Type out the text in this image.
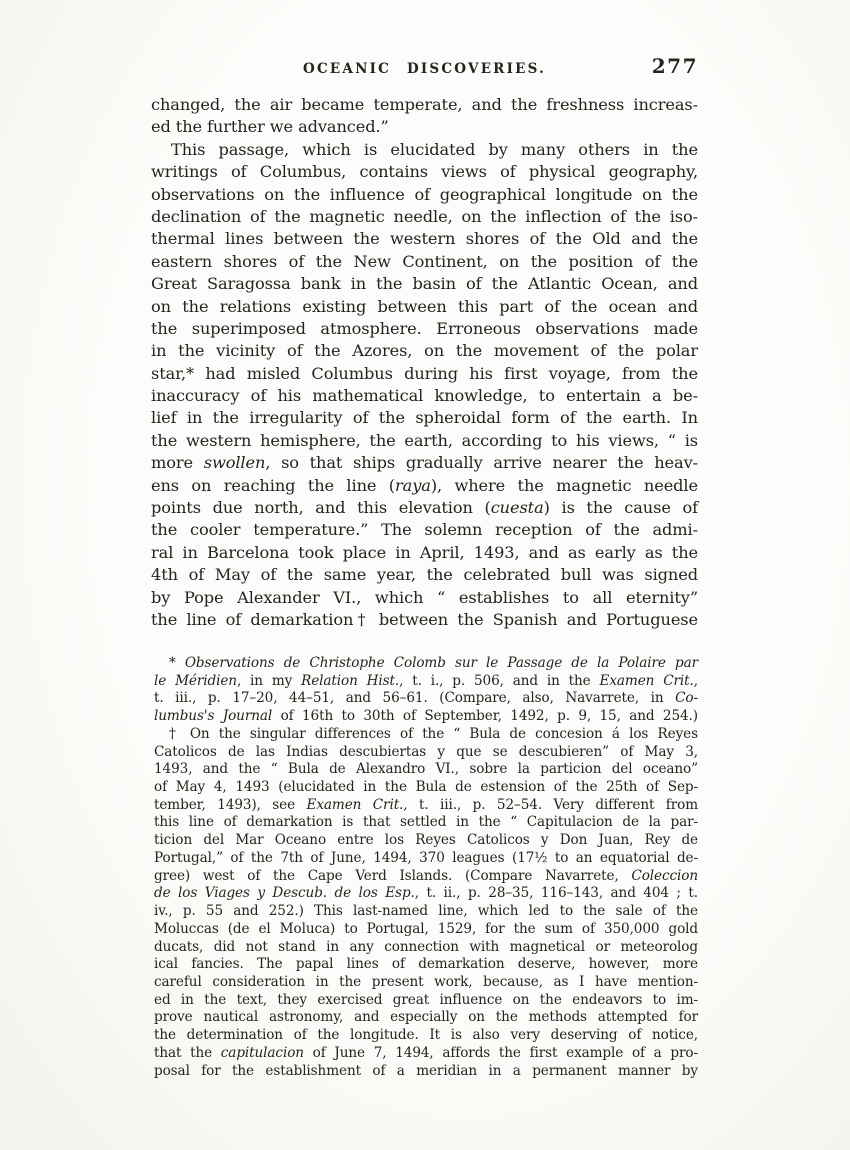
OCEANIC DISCOVERIES.	277
changed, the air became temperate, and the freshness increas-
ed the further we advanced.”
This passage, which is elucidated by many others in the
writings of Columbus, contains views of physical geography,
observations on the influence of geographical longitude on the
declination of the magnetic needle, on the inflection of the iso-
thermal lines between the western shores of the Old and the
eastern shores of the New Continent, on the position of the
Great Saragossa bank in the basin of the Atlantic Ocean, and
on the relations existing between this part of the ocean and
the superimposed atmosphere. Erroneous observations made
in the vicinity of the Azores, on the movement of the polar
star,* had misled Columbus during his first voyage, from the
inaccuracy of his mathematical knowledge, to entertain a be-
lief in the irregularity of the spheroidal form of the earth. In
the western hemisphere, the earth, according to his views, “ is
more swollen, so that ships gradually arrive nearer the heav-
ens on reaching the line (raya), where the magnetic needle
points due north, and this elevation (cuesta) is the cause of
the cooler temperature.” The solemn reception of the admi-
ral in Barcelona took place in April, 1493, and as early as the
4th of May of the same year, the celebrated bull was signed
by Pope Alexander VI., which “ establishes to all eternity”
the line of demarkation† between the Spanish and Portuguese
* Observations de Christophe Colomb sur le Passage de la Polaire par
le Méridien, in my Relation Hist., t. i., p. 506, and in the Examen Crit.,
t. iii., p. 17–20, 44–51, and 56–61. (Compare, also, Navarrete, in Co-
lumbus's Journal of 16th to 30th of September, 1492, p. 9, 15, and 254.)
† On the singular differences of the “ Bula de concesion á los Reyes
Catolicos de las Indias descubiertas y que se descubieren” of May 3,
1493, and the “ Bula de Alexandro VI., sobre la particion del oceano”
of May 4, 1493 (elucidated in the Bula de estension of the 25th of Sep-
tember, 1493), see Examen Crit., t. iii., p. 52–54. Very different from
this line of demarkation is that settled in the “ Capitulacion de la par-
ticion del Mar Oceano entre los Reyes Catolicos y Don Juan, Rey de
Portugal,” of the 7th of June, 1494, 370 leagues (17½ to an equatorial de-
gree) west of the Cape Verd Islands. (Compare Navarrete, Coleccion
de los Viages y Descub. de los Esp., t. ii., p. 28–35, 116–143, and 404 ; t.
iv., p. 55 and 252.) This last-named line, which led to the sale of the
Moluccas (de el Moluca) to Portugal, 1529, for the sum of 350,000 gold
ducats, did not stand in any connection with magnetical or meteorolog
ical fancies. The papal lines of demarkation deserve, however, more
careful consideration in the present work, because, as I have mention-
ed in the text, they exercised great influence on the endeavors to im-
prove nautical astronomy, and especially on the methods attempted for
the determination of the longitude. It is also very deserving of notice,
that the capitulacion of June 7, 1494, affords the first example of a pro-
posal for the establishment of a meridian in a permanent manner by
